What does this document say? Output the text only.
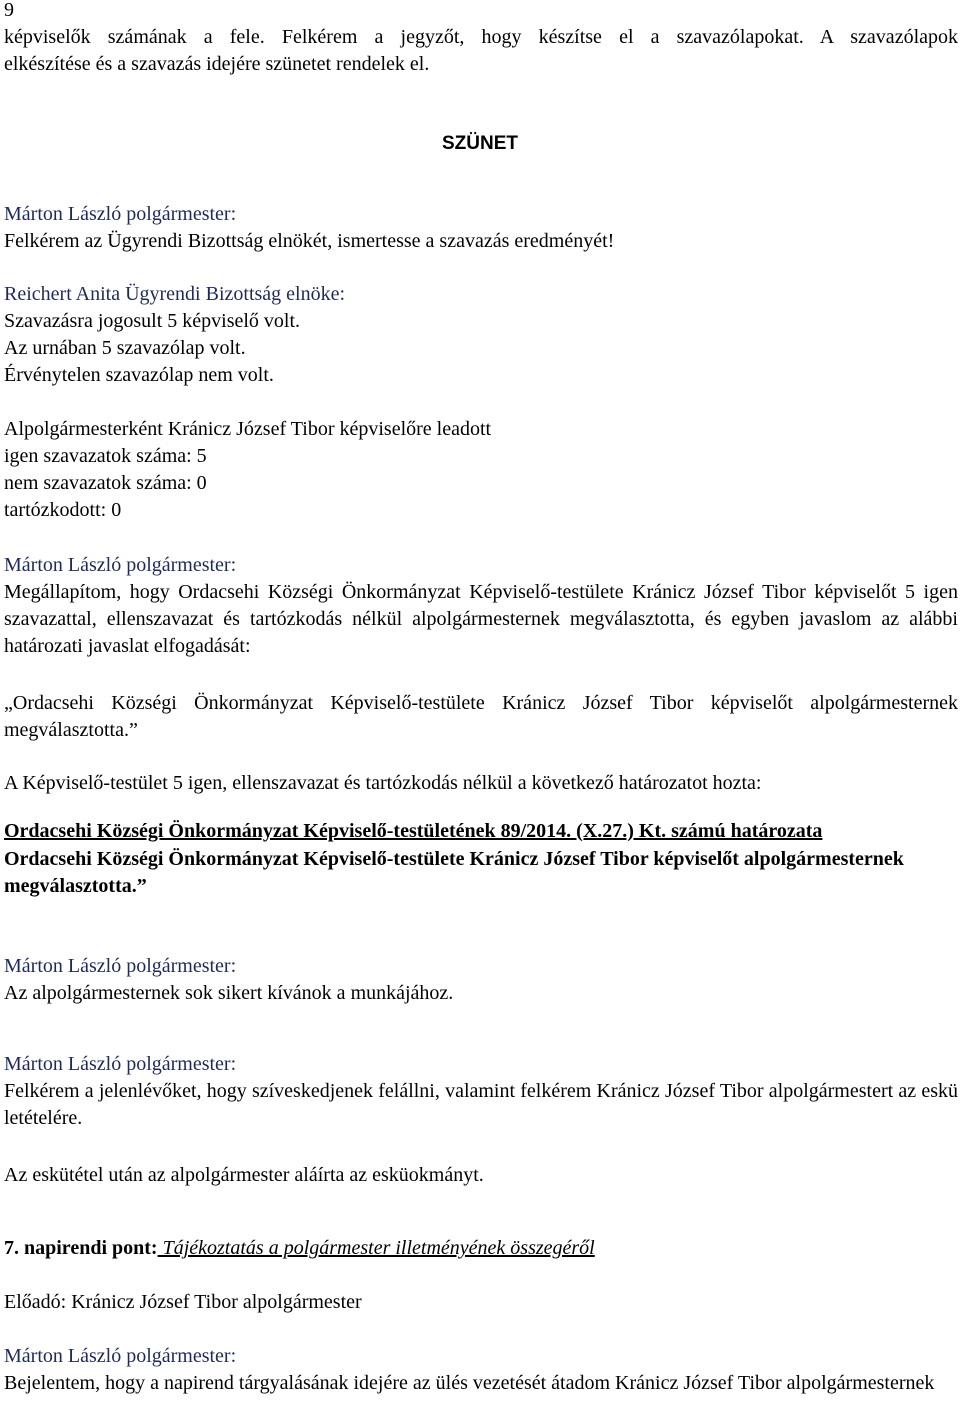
9

képviselők számának a fele. Felkérem a jegyzőt, hogy készítse el a szavazólapokat. A szavazólapok

elkészítése és a szavazás idejére szünetet rendelek el.

SZÜNET

Márton László polgármester:

Felkérem az Ügyrendi Bizottság elnökét, ismertesse a szavazás eredményét!

Reichert Anita Ügyrendi Bizottság elnöke:

Szavazásra jogosult 5 képviselő volt.

Az urnában 5 szavazólap volt.

Érvénytelen szavazólap nem volt.

Alpolgármesterként Kránicz József Tibor képviselőre leadott

igen szavazatok száma: 5

nem szavazatok száma: 0

tartózkodott: 0

Márton László polgármester:

Megállapítom, hogy Ordacsehi Községi Önkormányzat Képviselő-testülete Kránicz József Tibor képviselőt 5 igen szavazattal, ellenszavazat és tartózkodás nélkül alpolgármesternek megválasztotta, és egyben javaslom az alábbi határozati javaslat elfogadását:

„Ordacsehi Községi Önkormányzat Képviselő-testülete Kránicz József Tibor képviselőt alpolgármesternek megválasztotta.”

A Képviselő-testület 5 igen, ellenszavazat és tartózkodás nélkül a következő határozatot hozta:

Ordacsehi Községi Önkormányzat Képviselő-testületének 89/2014. (X.27.) Kt. számú határozata

Ordacsehi Községi Önkormányzat Képviselő-testülete Kránicz József Tibor képviselőt alpolgármesternek megválasztotta.”

Márton László polgármester:

Az alpolgármesternek sok sikert kívánok a munkájához.

Márton László polgármester:

Felkérem a jelenlévőket, hogy szíveskedjenek felállni, valamint felkérem Kránicz József Tibor alpolgármestert az eskü letételére.

Az eskütétel után az alpolgármester aláírta az esküokmányt.

7. napirendi pont: Tájékoztatás a polgármester illetményének összegéről

Előadó: Kránicz József Tibor alpolgármester

Márton László polgármester:

Bejelentem, hogy a napirend tárgyalásának idejére az ülés vezetését átadom Kránicz József Tibor alpolgármesternek
